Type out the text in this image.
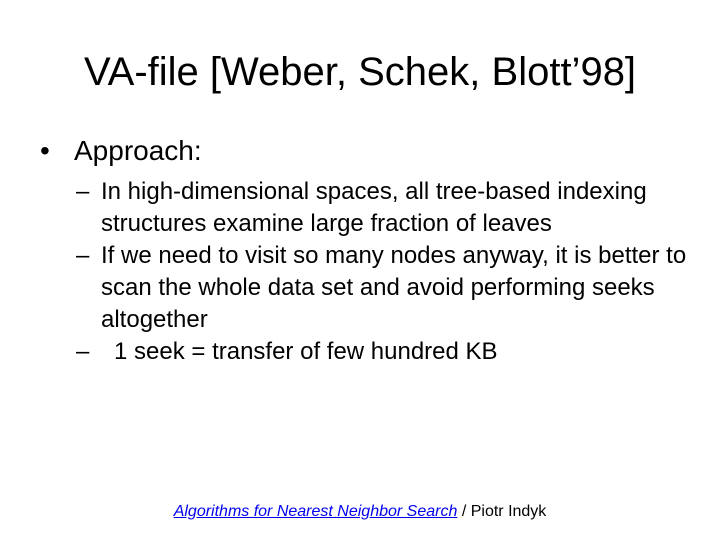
VA-file [Weber, Schek, Blott’98]
• Approach:
– In high-dimensional spaces, all tree-based indexing structures examine large fraction of leaves
– If we need to visit so many nodes anyway, it is better to scan the whole data set and avoid performing seeks altogether
– 1 seek = transfer of few hundred KB
Algorithms for Nearest Neighbor Search / Piotr Indyk
